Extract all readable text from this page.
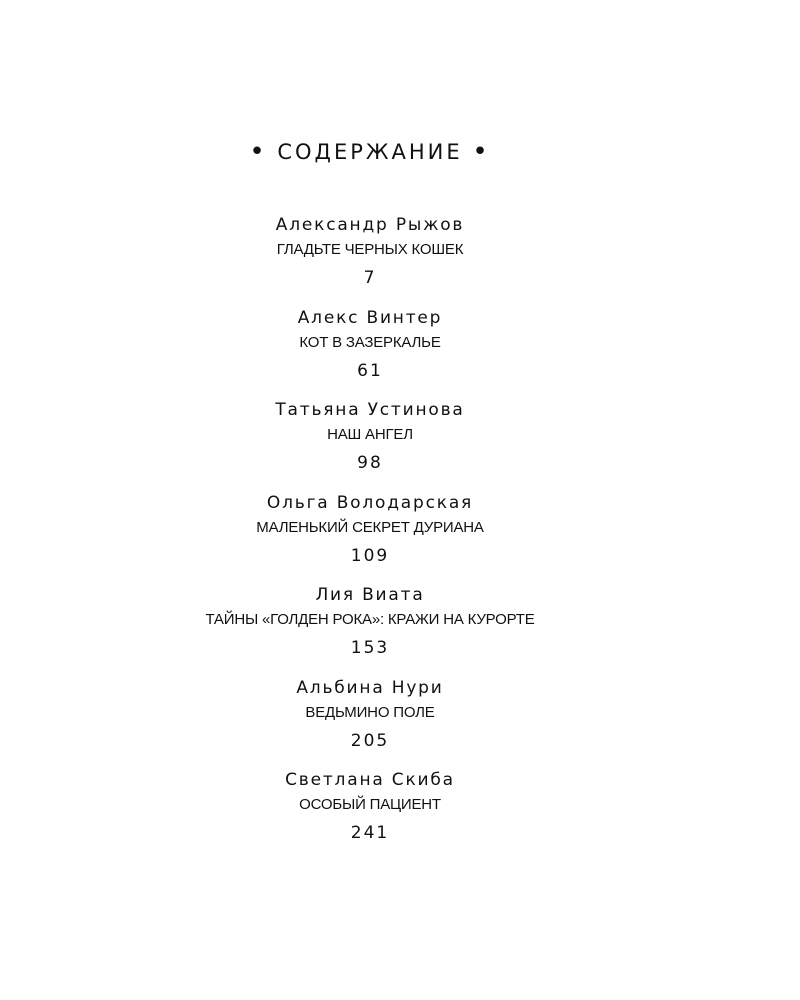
• СОДЕРЖАНИЕ •
Александр Рыжов
ГЛАДЬТЕ ЧЕРНЫХ КОШЕК
7
Алекс Винтер
КОТ В ЗАЗЕРКАЛЬЕ
61
Татьяна Устинова
НАШ АНГЕЛ
98
Ольга Володарская
МАЛЕНЬКИЙ СЕКРЕТ ДУРИАНА
109
Лия Виата
ТАЙНЫ «ГОЛДЕН РОКА»: КРАЖИ НА КУРОРТЕ
153
Альбина Нури
ВЕДЬМИНО ПОЛЕ
205
Светлана Скиба
ОСОБЫЙ ПАЦИЕНТ
241
